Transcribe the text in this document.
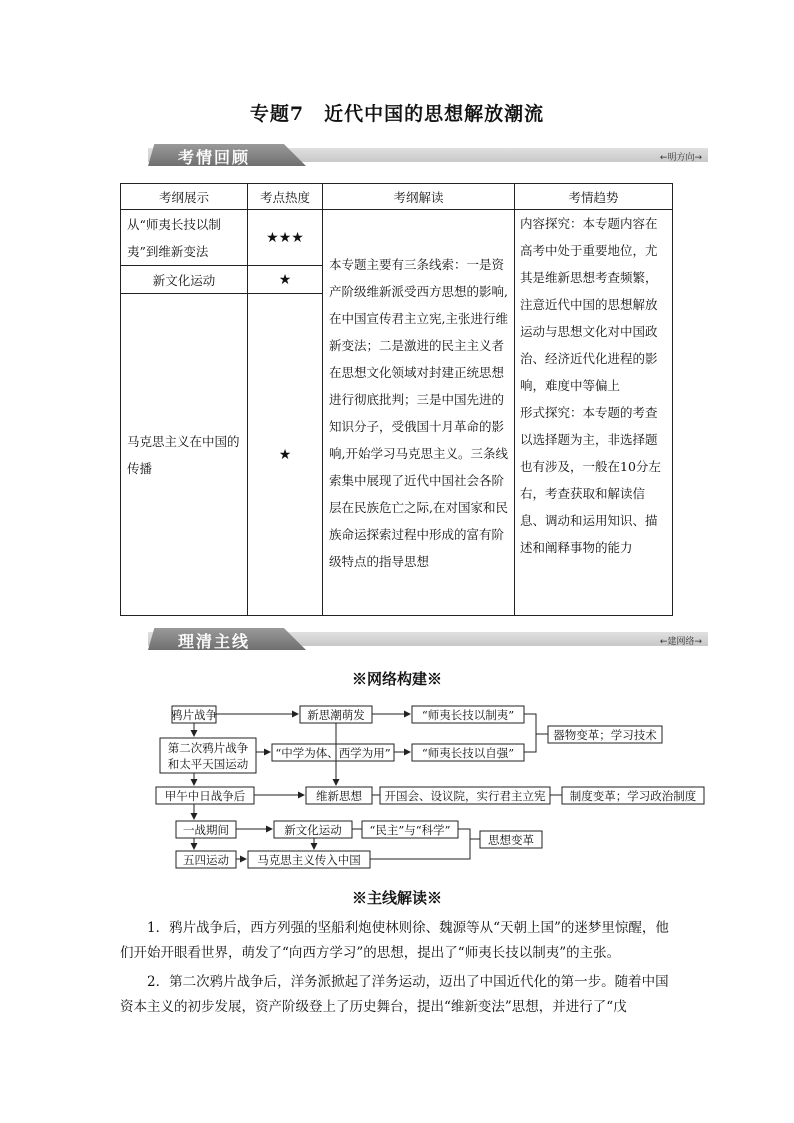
专题7　近代中国的思想解放潮流
考情回顾	←明方向→
考纲展示	考点热度	考纲解读	考情趋势
从“师夷长技以制夷”到维新变法	★★★	本专题主要有三条线索：一是资产阶级维新派受西方思想的影响,在中国宣传君主立宪,主张进行维新变法；二是激进的民主主义者在思想文化领域对封建正统思想进行彻底批判；三是中国先进的知识分子，受俄国十月革命的影响,开始学习马克思主义。三条线索集中展现了近代中国社会各阶层在民族危亡之际,在对国家和民族命运探索过程中形成的富有阶级特点的指导思想	内容探究：本专题内容在高考中处于重要地位，尤其是维新思想考查频繁，注意近代中国的思想解放运动与思想文化对中国政治、经济近代化进程的影响，难度中等偏上
形式探究：本专题的考查以选择题为主，非选择题也有涉及，一般在10分左右，考查获取和解读信息、调动和运用知识、描述和阐释事物的能力
新文化运动	★		
马克思主义在中国的传播	★		
理清主线	←建网络→
※网络构建※
鸦片战争	新思潮萌发	“师夷长技以制夷”
第二次鸦片战争
和太平天国运动
“中学为体、西学为用”	“师夷长技以自强”
器物变革；学习技术
甲午中日战争后	维新思想 开国会、设议院，实行君主立宪 制度变革；学习政治制度
一战期间	新文化运动 “民主”与“科学”
思想变革
五四运动 马克思主义传入中国
※主线解读※
1．鸦片战争后，西方列强的坚船利炮使林则徐、魏源等从“天朝上国”的迷梦里惊醒，他们开始开眼看世界，萌发了“向西方学习”的思想，提出了“师夷长技以制夷”的主张。
2．第二次鸦片战争后，洋务派掀起了洋务运动，迈出了中国近代化的第一步。随着中国资本主义的初步发展，资产阶级登上了历史舞台，提出“维新变法”思想，并进行了“戊
